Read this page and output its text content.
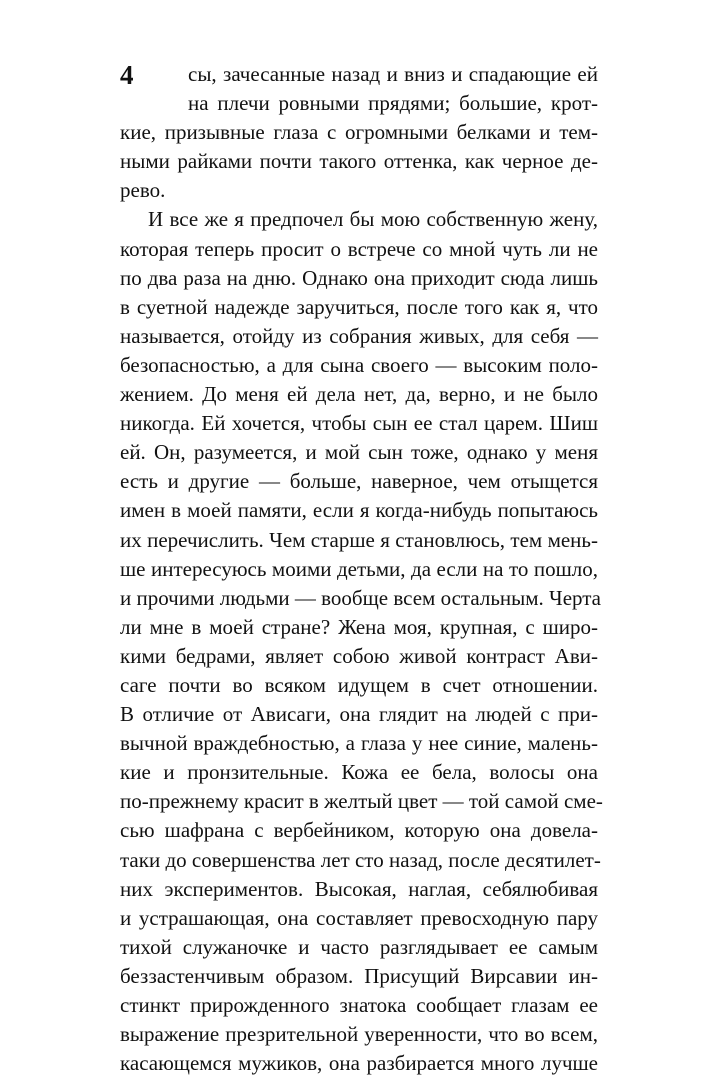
4	сы, зачесанные назад и вниз и спадающие ей
на плечи ровными прядями; большие, крот-
кие, призывные глаза с огромными белками и тем-
ными райками почти такого оттенка, как черное де-
рево.
И все же я предпочел бы мою собственную жену,
которая теперь просит о встрече со мной чуть ли не
по два раза на дню. Однако она приходит сюда лишь
в суетной надежде заручиться, после того как я, что
называется, отойду из собрания живых, для себя —
безопасностью, а для сына своего — высоким поло-
жением. До меня ей дела нет, да, верно, и не было
никогда. Ей хочется, чтобы сын ее стал царем. Шиш
ей. Он, разумеется, и мой сын тоже, однако у меня
есть и другие — больше, наверное, чем отыщется
имен в моей памяти, если я когда-нибудь попытаюсь
их перечислить. Чем старше я становлюсь, тем мень-
ше интересуюсь моими детьми, да если на то пошло,
и прочими людьми — вообще всем остальным. Черта
ли мне в моей стране? Жена моя, крупная, с широ-
кими бедрами, являет собою живой контраст Ави-
саге почти во всяком идущем в счет отношении.
В отличие от Ависаги, она глядит на людей с при-
вычной враждебностью, а глаза у нее синие, малень-
кие и пронзительные. Кожа ее бела, волосы она
по-прежнему красит в желтый цвет — той самой сме-
сью шафрана с вербейником, которую она довела-
таки до совершенства лет сто назад, после десятилет-
них экспериментов. Высокая, наглая, себялюбивая
и устрашающая, она составляет превосходную пару
тихой служаночке и часто разглядывает ее самым
беззастенчивым образом. Присущий Вирсавии ин-
стинкт прирожденного знатока сообщает глазам ее
выражение презрительной уверенности, что во всем,
касающемся мужиков, она разбирается много лучше
